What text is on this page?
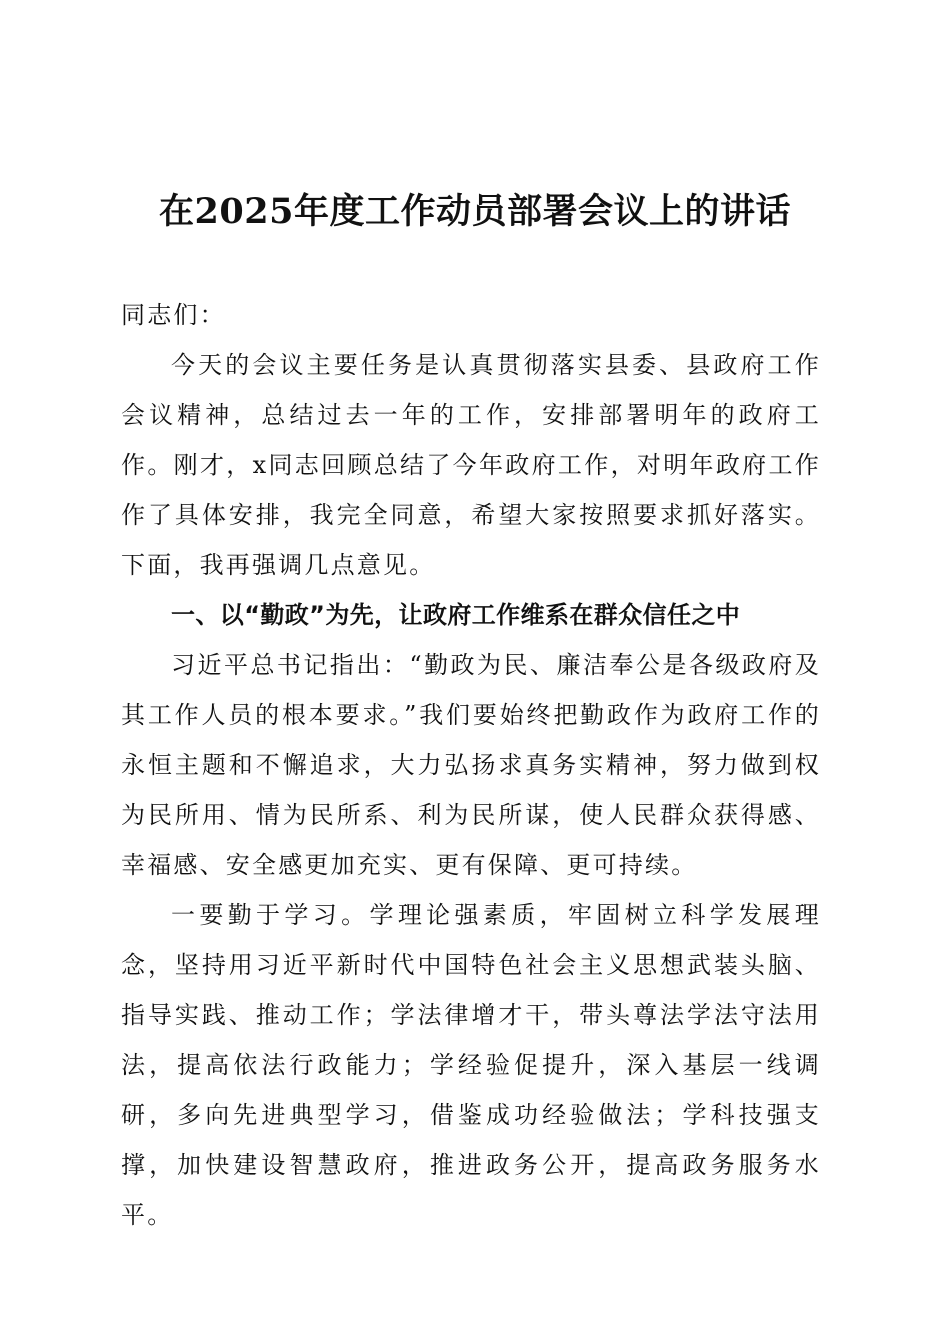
在2025年度工作动员部署会议上的讲话

同志们：

今天的会议主要任务是认真贯彻落实县委、县政府工作会议精神，总结过去一年的工作，安排部署明年的政府工作。刚才，x同志回顾总结了今年政府工作，对明年政府工作作了具体安排，我完全同意，希望大家按照要求抓好落实。下面，我再强调几点意见。

一、以“勤政”为先，让政府工作维系在群众信任之中

习近平总书记指出：“勤政为民、廉洁奉公是各级政府及其工作人员的根本要求。”我们要始终把勤政作为政府工作的永恒主题和不懈追求，大力弘扬求真务实精神，努力做到权为民所用、情为民所系、利为民所谋，使人民群众获得感、幸福感、安全感更加充实、更有保障、更可持续。

一要勤于学习。学理论强素质，牢固树立科学发展理念，坚持用习近平新时代中国特色社会主义思想武装头脑、指导实践、推动工作；学法律增才干，带头尊法学法守法用法，提高依法行政能力；学经验促提升，深入基层一线调研，多向先进典型学习，借鉴成功经验做法；学科技强支撑，加快建设智慧政府，推进政务公开，提高政务服务水平。
